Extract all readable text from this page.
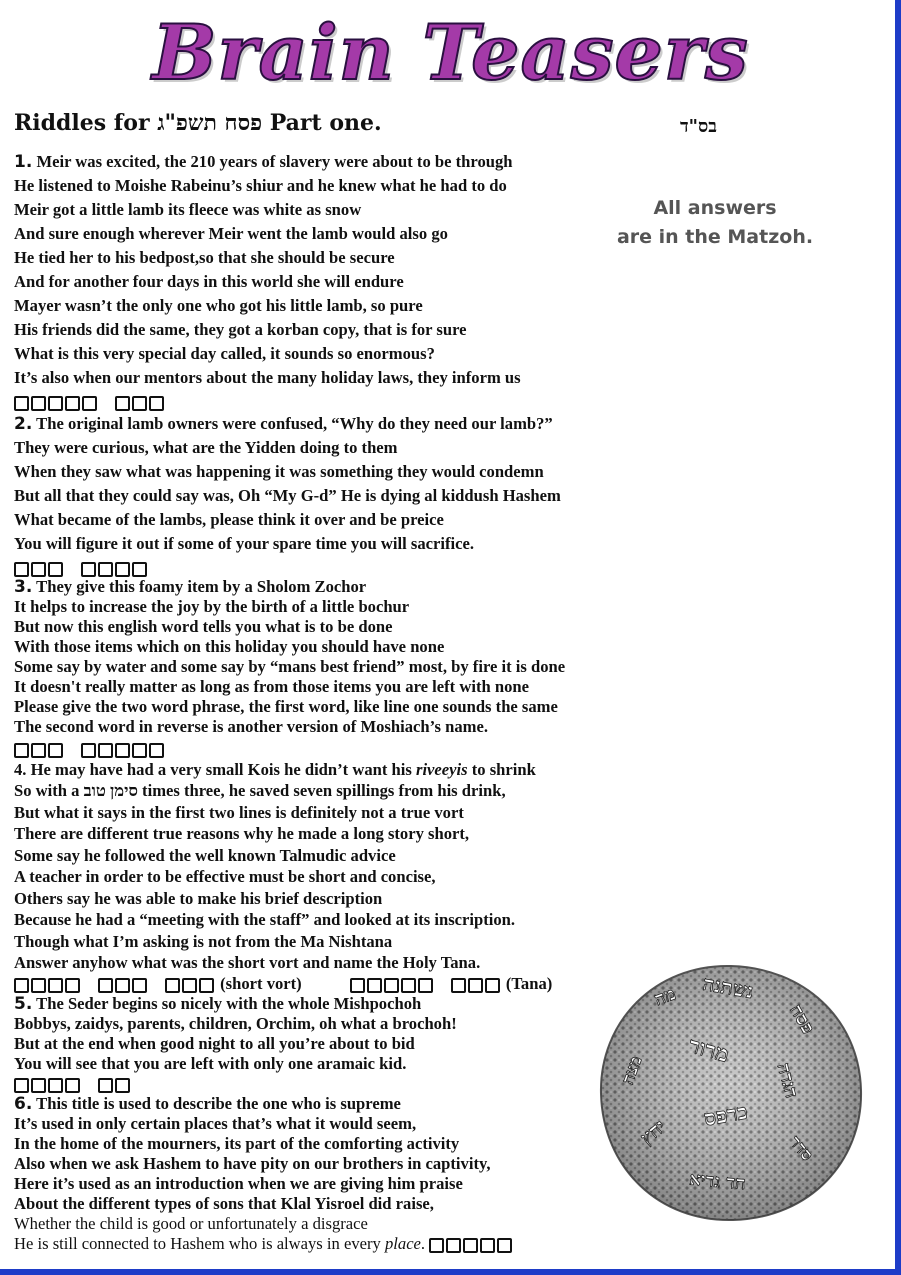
Brain Teasers
Riddles for פסח תשפ"ג Part one.	בס"ד
All answers
are in the Matzoh.
1. Meir was excited, the 210 years of slavery were about to be through
He listened to Moishe Rabeinu’s shiur and he knew what he had to do
Meir got a little lamb its fleece was white as snow
And sure enough wherever Meir went the lamb would also go
He tied her to his bedpost,so that she should be secure
And for another four days in this world she will endure
Mayer wasn’t the only one who got his little lamb, so pure
His friends did the same, they got a korban copy, that is for sure
What is this very special day called, it sounds so enormous?
It’s also when our mentors about the many holiday laws, they inform us
2. The original lamb owners were confused, “Why do they need our lamb?”
They were curious, what are the Yidden doing to them
When they saw what was happening it was something they would condemn
But all that they could say was, Oh “My G-d” He is dying al kiddush Hashem
What became of the lambs, please think it over and be preice
You will figure it out if some of your spare time you will sacrifice.
3. They give this foamy item by a Sholom Zochor
It helps to increase the joy by the birth of a little bochur
But now this english word tells you what is to be done
With those items which on this holiday you should have none
Some say by water and some say by “mans best friend” most, by fire it is done
It doesn't really matter as long as from those items you are left with none
Please give the two word phrase, the first word, like line one sounds the same
The second word in reverse is another version of Moshiach’s name.
4. He may have had a very small Kois he didn’t want his riveeyis to shrink
So with a סימן טוב times three, he saved seven spillings from his drink,
But what it says in the first two lines is definitely not a true vort
There are different true reasons why he made a long story short,
Some say he followed the well known Talmudic advice
A teacher in order to be effective must be short and concise,
Others say he was able to make his brief description
Because he had a “meeting with the staff” and looked at its inscription.
Though what I’m asking is not from the Ma Nishtana
Answer anyhow what was the short vort and name the Holy Tana.
(short vort)	(Tana)
5. The Seder begins so nicely with the whole Mishpochoh
Bobbys, zaidys, parents, children, Orchim, oh what a brochoh!
But at the end when good night to all you’re about to bid
You will see that you are left with only one aramaic kid.
6. This title is used to describe the one who is supreme
It’s used in only certain places that’s what it would seem,
In the home of the mourners, its part of the comforting activity
Also when we ask Hashem to have pity on our brothers in captivity,
Here it’s used as an introduction when we are giving him praise
About the different types of sons that Klal Yisroel did raise,
Whether the child is good or unfortunately a disgrace
He is still connected to Hashem who is always in every place.
מה נשתנה
פסח
מצה
מרור
הגדה
יחץ
כרפס
סדר
חד גדיא
